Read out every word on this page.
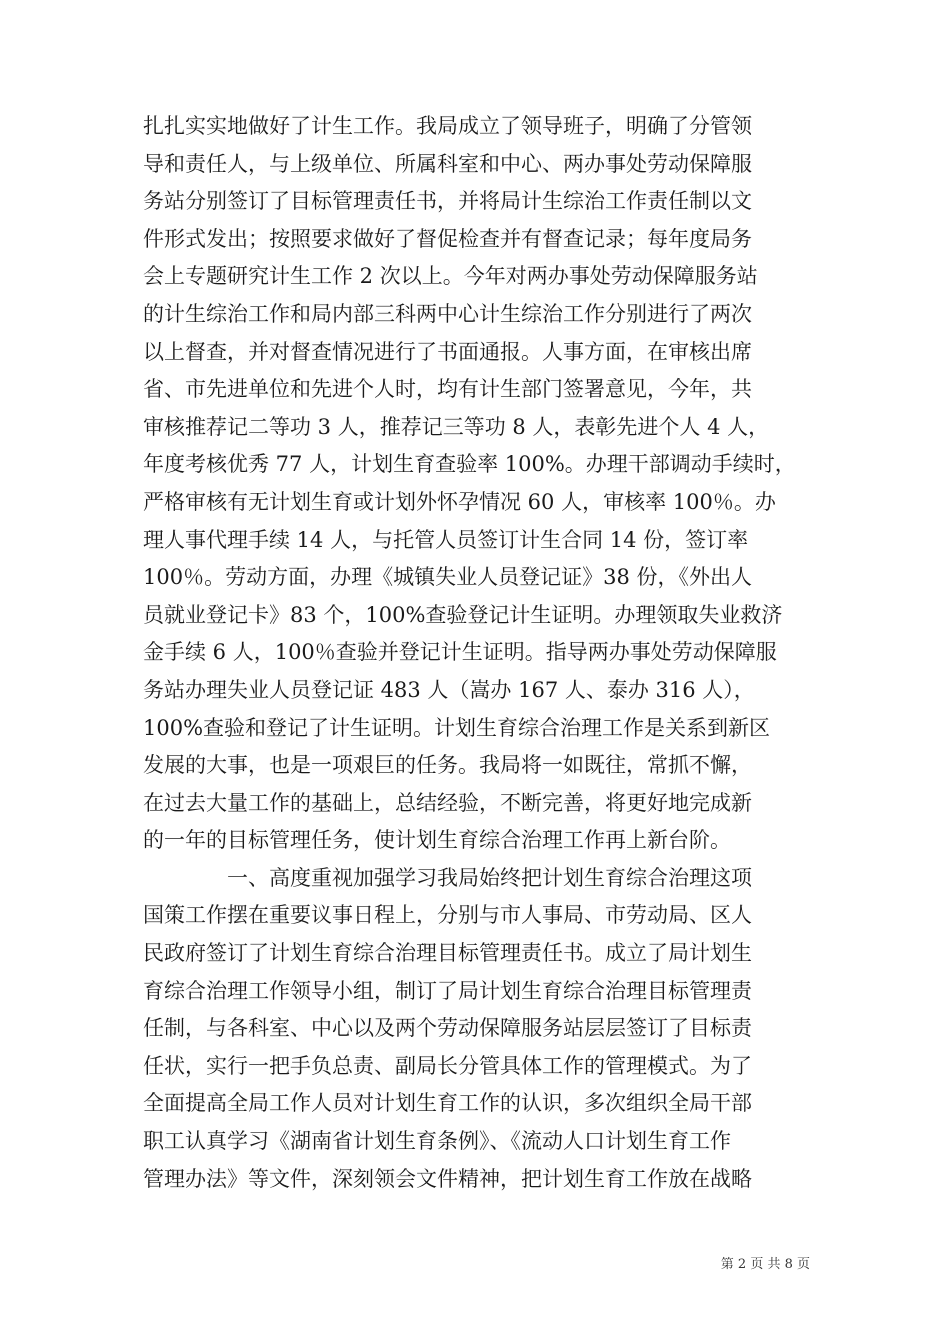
扎扎实实地做好了计生工作。我局成立了领导班子，明确了分管领
导和责任人，与上级单位、所属科室和中心、两办事处劳动保障服
务站分别签订了目标管理责任书，并将局计生综治工作责任制以文
件形式发出；按照要求做好了督促检查并有督查记录；每年度局务
会上专题研究计生工作 2 次以上。今年对两办事处劳动保障服务站
的计生综治工作和局内部三科两中心计生综治工作分别进行了两次
以上督查，并对督查情况进行了书面通报。人事方面，在审核出席
省、市先进单位和先进个人时，均有计生部门签署意见，今年，共
审核推荐记二等功 3 人，推荐记三等功 8 人，表彰先进个人 4 人，
年度考核优秀 77 人，计划生育查验率 100%。办理干部调动手续时，
严格审核有无计划生育或计划外怀孕情况 60 人，审核率 100％。办
理人事代理手续 14 人，与托管人员签订计生合同 14 份，签订率
100％。劳动方面，办理《城镇失业人员登记证》38 份，《外出人
员就业登记卡》83 个，100%查验登记计生证明。办理领取失业救济
金手续 6 人，100％查验并登记计生证明。指导两办事处劳动保障服
务站办理失业人员登记证 483 人（嵩办 167 人、泰办 316 人），
100%查验和登记了计生证明。计划生育综合治理工作是关系到新区
发展的大事，也是一项艰巨的任务。我局将一如既往，常抓不懈，
在过去大量工作的基础上，总结经验，不断完善，将更好地完成新
的一年的目标管理任务，使计划生育综合治理工作再上新台阶。
　　　　一、高度重视加强学习我局始终把计划生育综合治理这项
国策工作摆在重要议事日程上，分别与市人事局、市劳动局、区人
民政府签订了计划生育综合治理目标管理责任书。成立了局计划生
育综合治理工作领导小组，制订了局计划生育综合治理目标管理责
任制，与各科室、中心以及两个劳动保障服务站层层签订了目标责
任状，实行一把手负总责、副局长分管具体工作的管理模式。为了
全面提高全局工作人员对计划生育工作的认识，多次组织全局干部
职工认真学习《湖南省计划生育条例》、《流动人口计划生育工作
管理办法》等文件，深刻领会文件精神，把计划生育工作放在战略
第 2 页 共 8 页
